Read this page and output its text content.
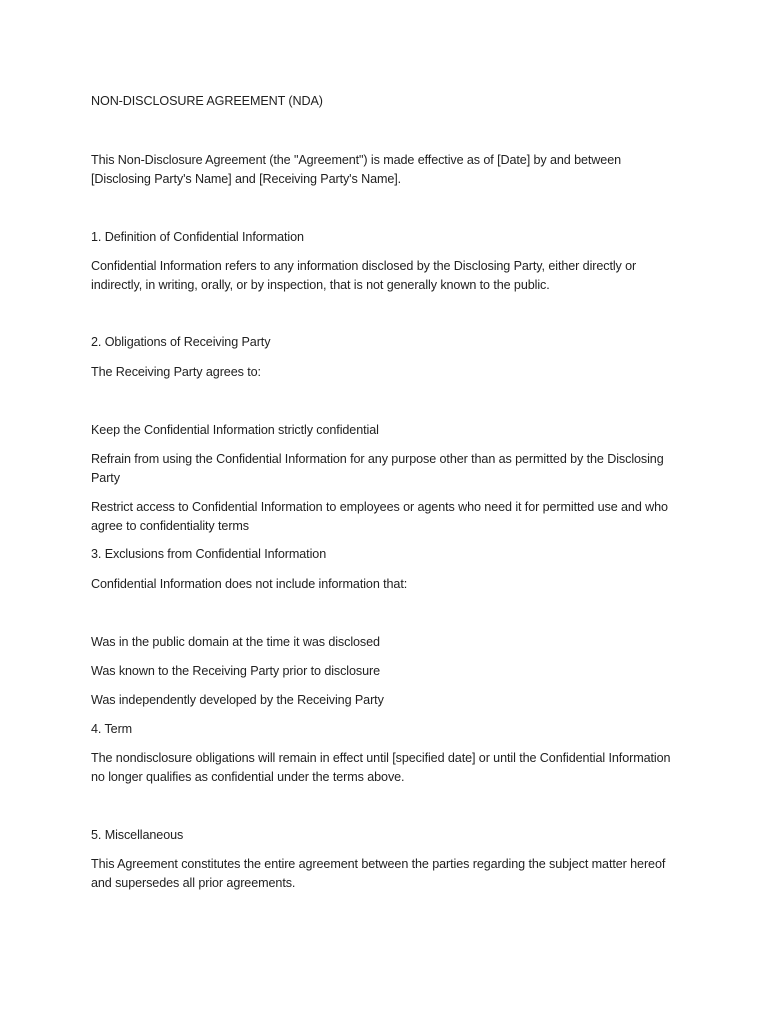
NON-DISCLOSURE AGREEMENT (NDA)
This Non-Disclosure Agreement (the "Agreement") is made effective as of [Date] by and between [Disclosing Party's Name] and [Receiving Party's Name].
1. Definition of Confidential Information
Confidential Information refers to any information disclosed by the Disclosing Party, either directly or indirectly, in writing, orally, or by inspection, that is not generally known to the public.
2. Obligations of Receiving Party
The Receiving Party agrees to:
Keep the Confidential Information strictly confidential
Refrain from using the Confidential Information for any purpose other than as permitted by the Disclosing Party
Restrict access to Confidential Information to employees or agents who need it for permitted use and who agree to confidentiality terms
3. Exclusions from Confidential Information
Confidential Information does not include information that:
Was in the public domain at the time it was disclosed
Was known to the Receiving Party prior to disclosure
Was independently developed by the Receiving Party
4. Term
The nondisclosure obligations will remain in effect until [specified date] or until the Confidential Information no longer qualifies as confidential under the terms above.
5. Miscellaneous
This Agreement constitutes the entire agreement between the parties regarding the subject matter hereof and supersedes all prior agreements.
